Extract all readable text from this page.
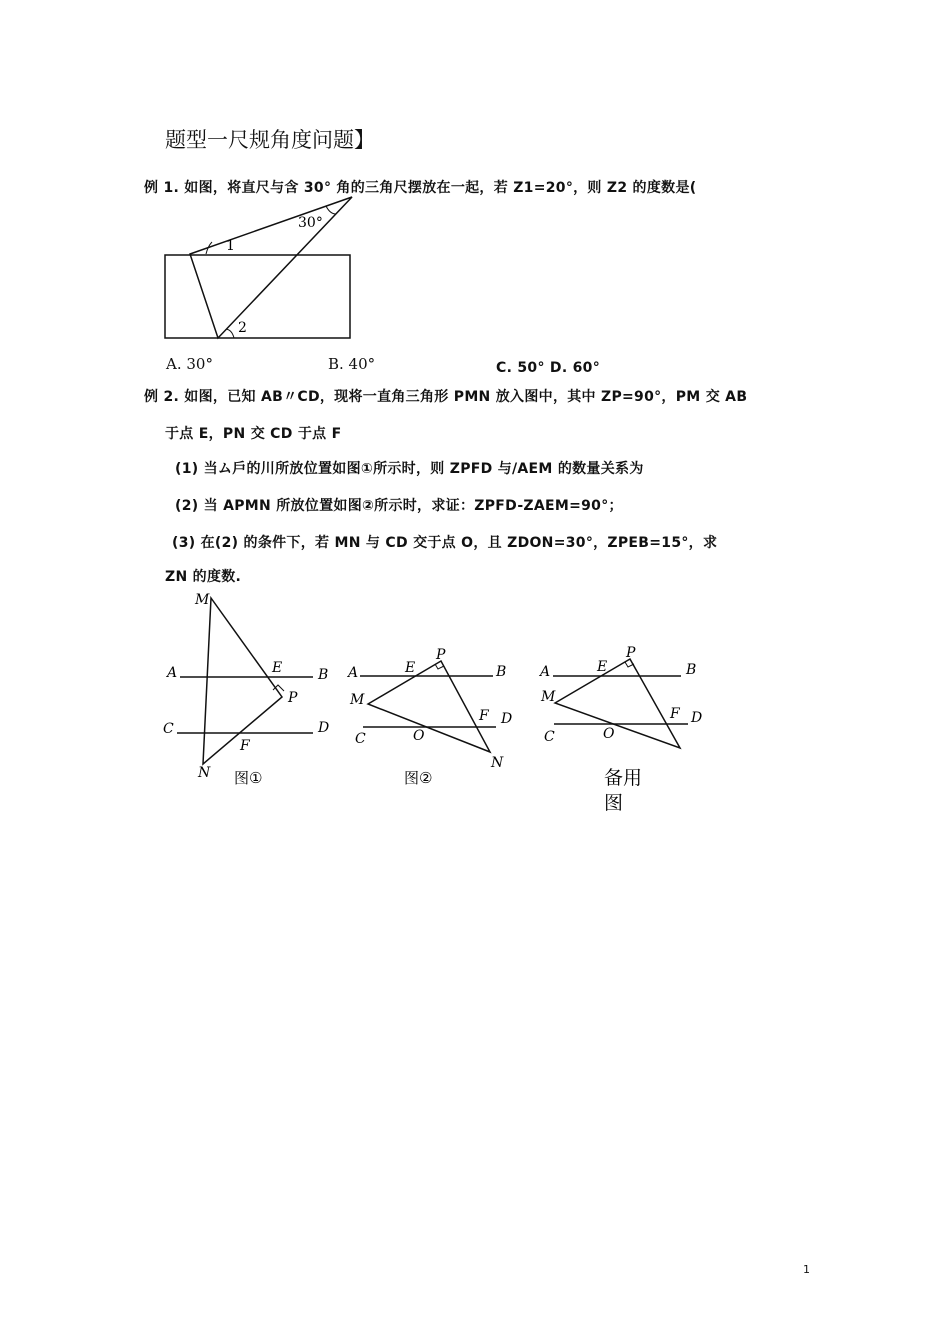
题型一尺规角度问题】
例 1. 如图，将直尺与含 30° 角的三角尺摆放在一起，若 Z1=20°，则 Z2 的度数是(
30°
1
2
A. 30°	B. 40°	C. 50° D. 60°
例 2. 如图，已知 AB〃CD，现将一直角三角形 PMN 放入图中，其中 ZP=90°，PM 交 AB
于点 E，PN 交 CD 于点 F
(1) 当ム戶的川所放位置如图①所示时，则 ZPFD 与/AEM 的数量关系为
(2) 当 APMN 所放位置如图②所示时，求证：ZPFD-ZAEM=90°；
(3) 在(2) 的条件下，若 MN 与 CD 交于点 O，且 ZDON=30°，ZPEB=15°，求
ZN 的度数.
M
A	E	B
P
C	D
F
N 图①
A	E
P
B
M
F D
C	O
N
图②
A	E
P
B
M
F D
C	O
备用
图
1
